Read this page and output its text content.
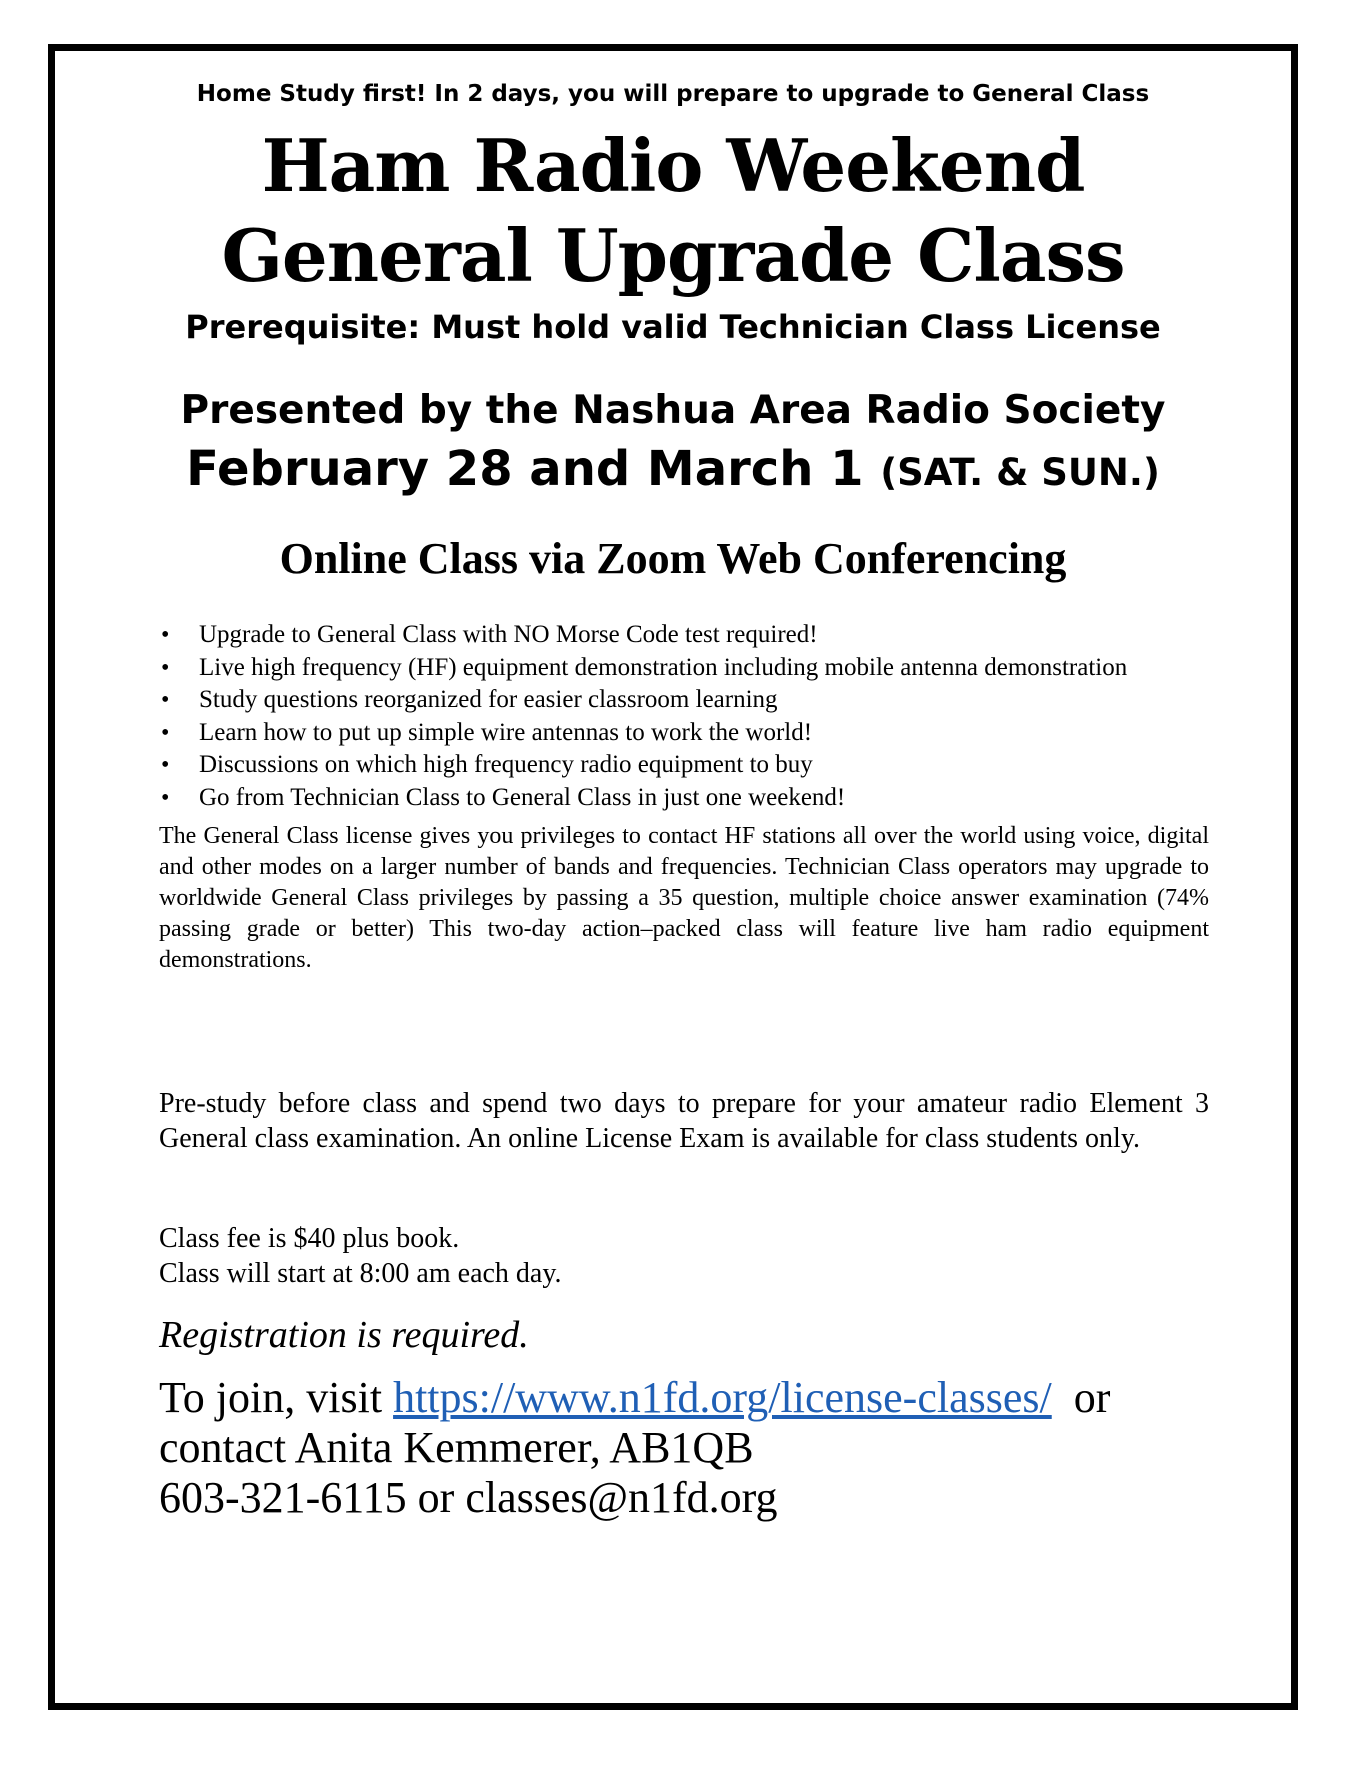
Home Study first! In 2 days, you will prepare to upgrade to General Class
Ham Radio Weekend
General Upgrade Class
Prerequisite: Must hold valid Technician Class License
Presented by the Nashua Area Radio Society
February 28 and March 1 (SAT. & SUN.)
Online Class via Zoom Web Conferencing
• Upgrade to General Class with NO Morse Code test required!
• Live high frequency (HF) equipment demonstration including mobile antenna demonstration
• Study questions reorganized for easier classroom learning
• Learn how to put up simple wire antennas to work the world!
• Discussions on which high frequency radio equipment to buy
• Go from Technician Class to General Class in just one weekend!
The General Class license gives you privileges to contact HF stations all over the world using voice, digital and other modes on a larger number of bands and frequencies. Technician Class operators may upgrade to worldwide General Class privileges by passing a 35 question, multiple choice answer examination (74% passing grade or better) This two-day action–packed class will feature live ham radio equipment demonstrations.
Pre-study before class and spend two days to prepare for your amateur radio Element 3 General class examination. An online License Exam is available for class students only.
Class fee is $40 plus book.
Class will start at 8:00 am each day.
Registration is required.
To join, visit https://www.n1fd.org/license-classes/  or
contact Anita Kemmerer, AB1QB
603-321-6115 or classes@n1fd.org
